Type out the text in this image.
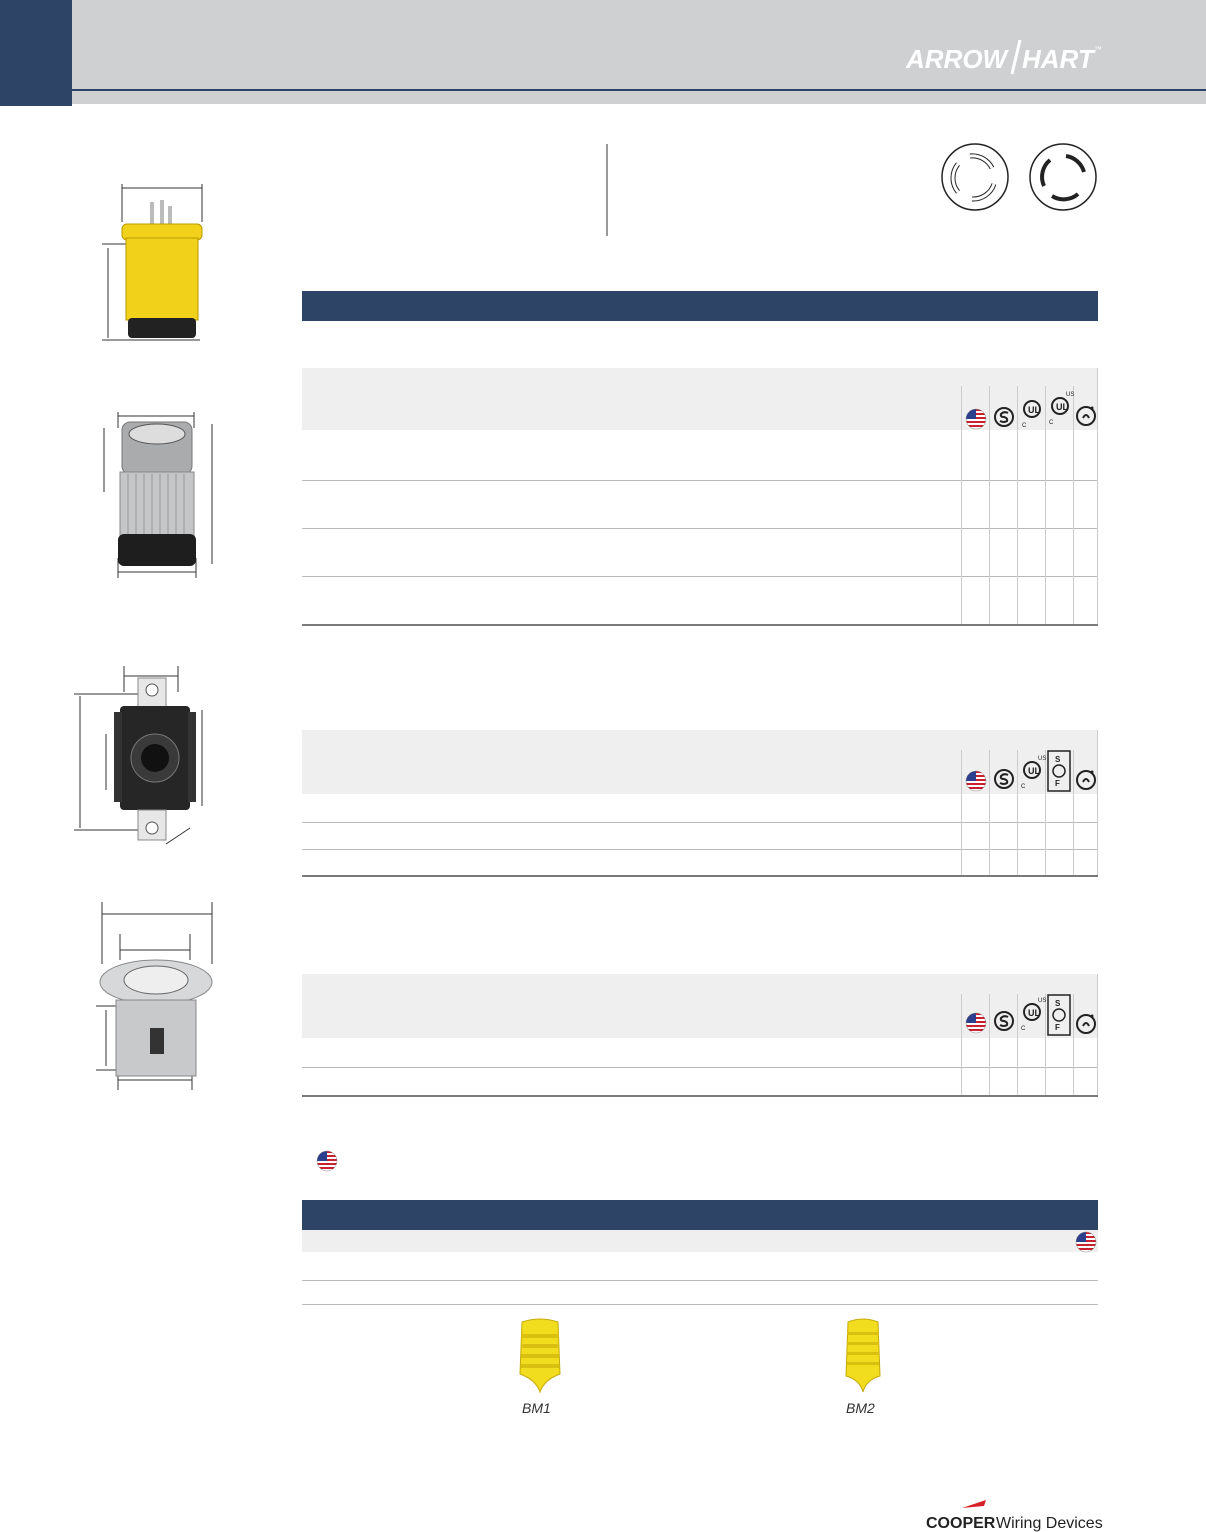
ARROW HART ™
UL
C
UL
C
US
UL
C
US
F
S
UL
C
US
F
S
BM1	BM2
COOPER Wiring Devices
